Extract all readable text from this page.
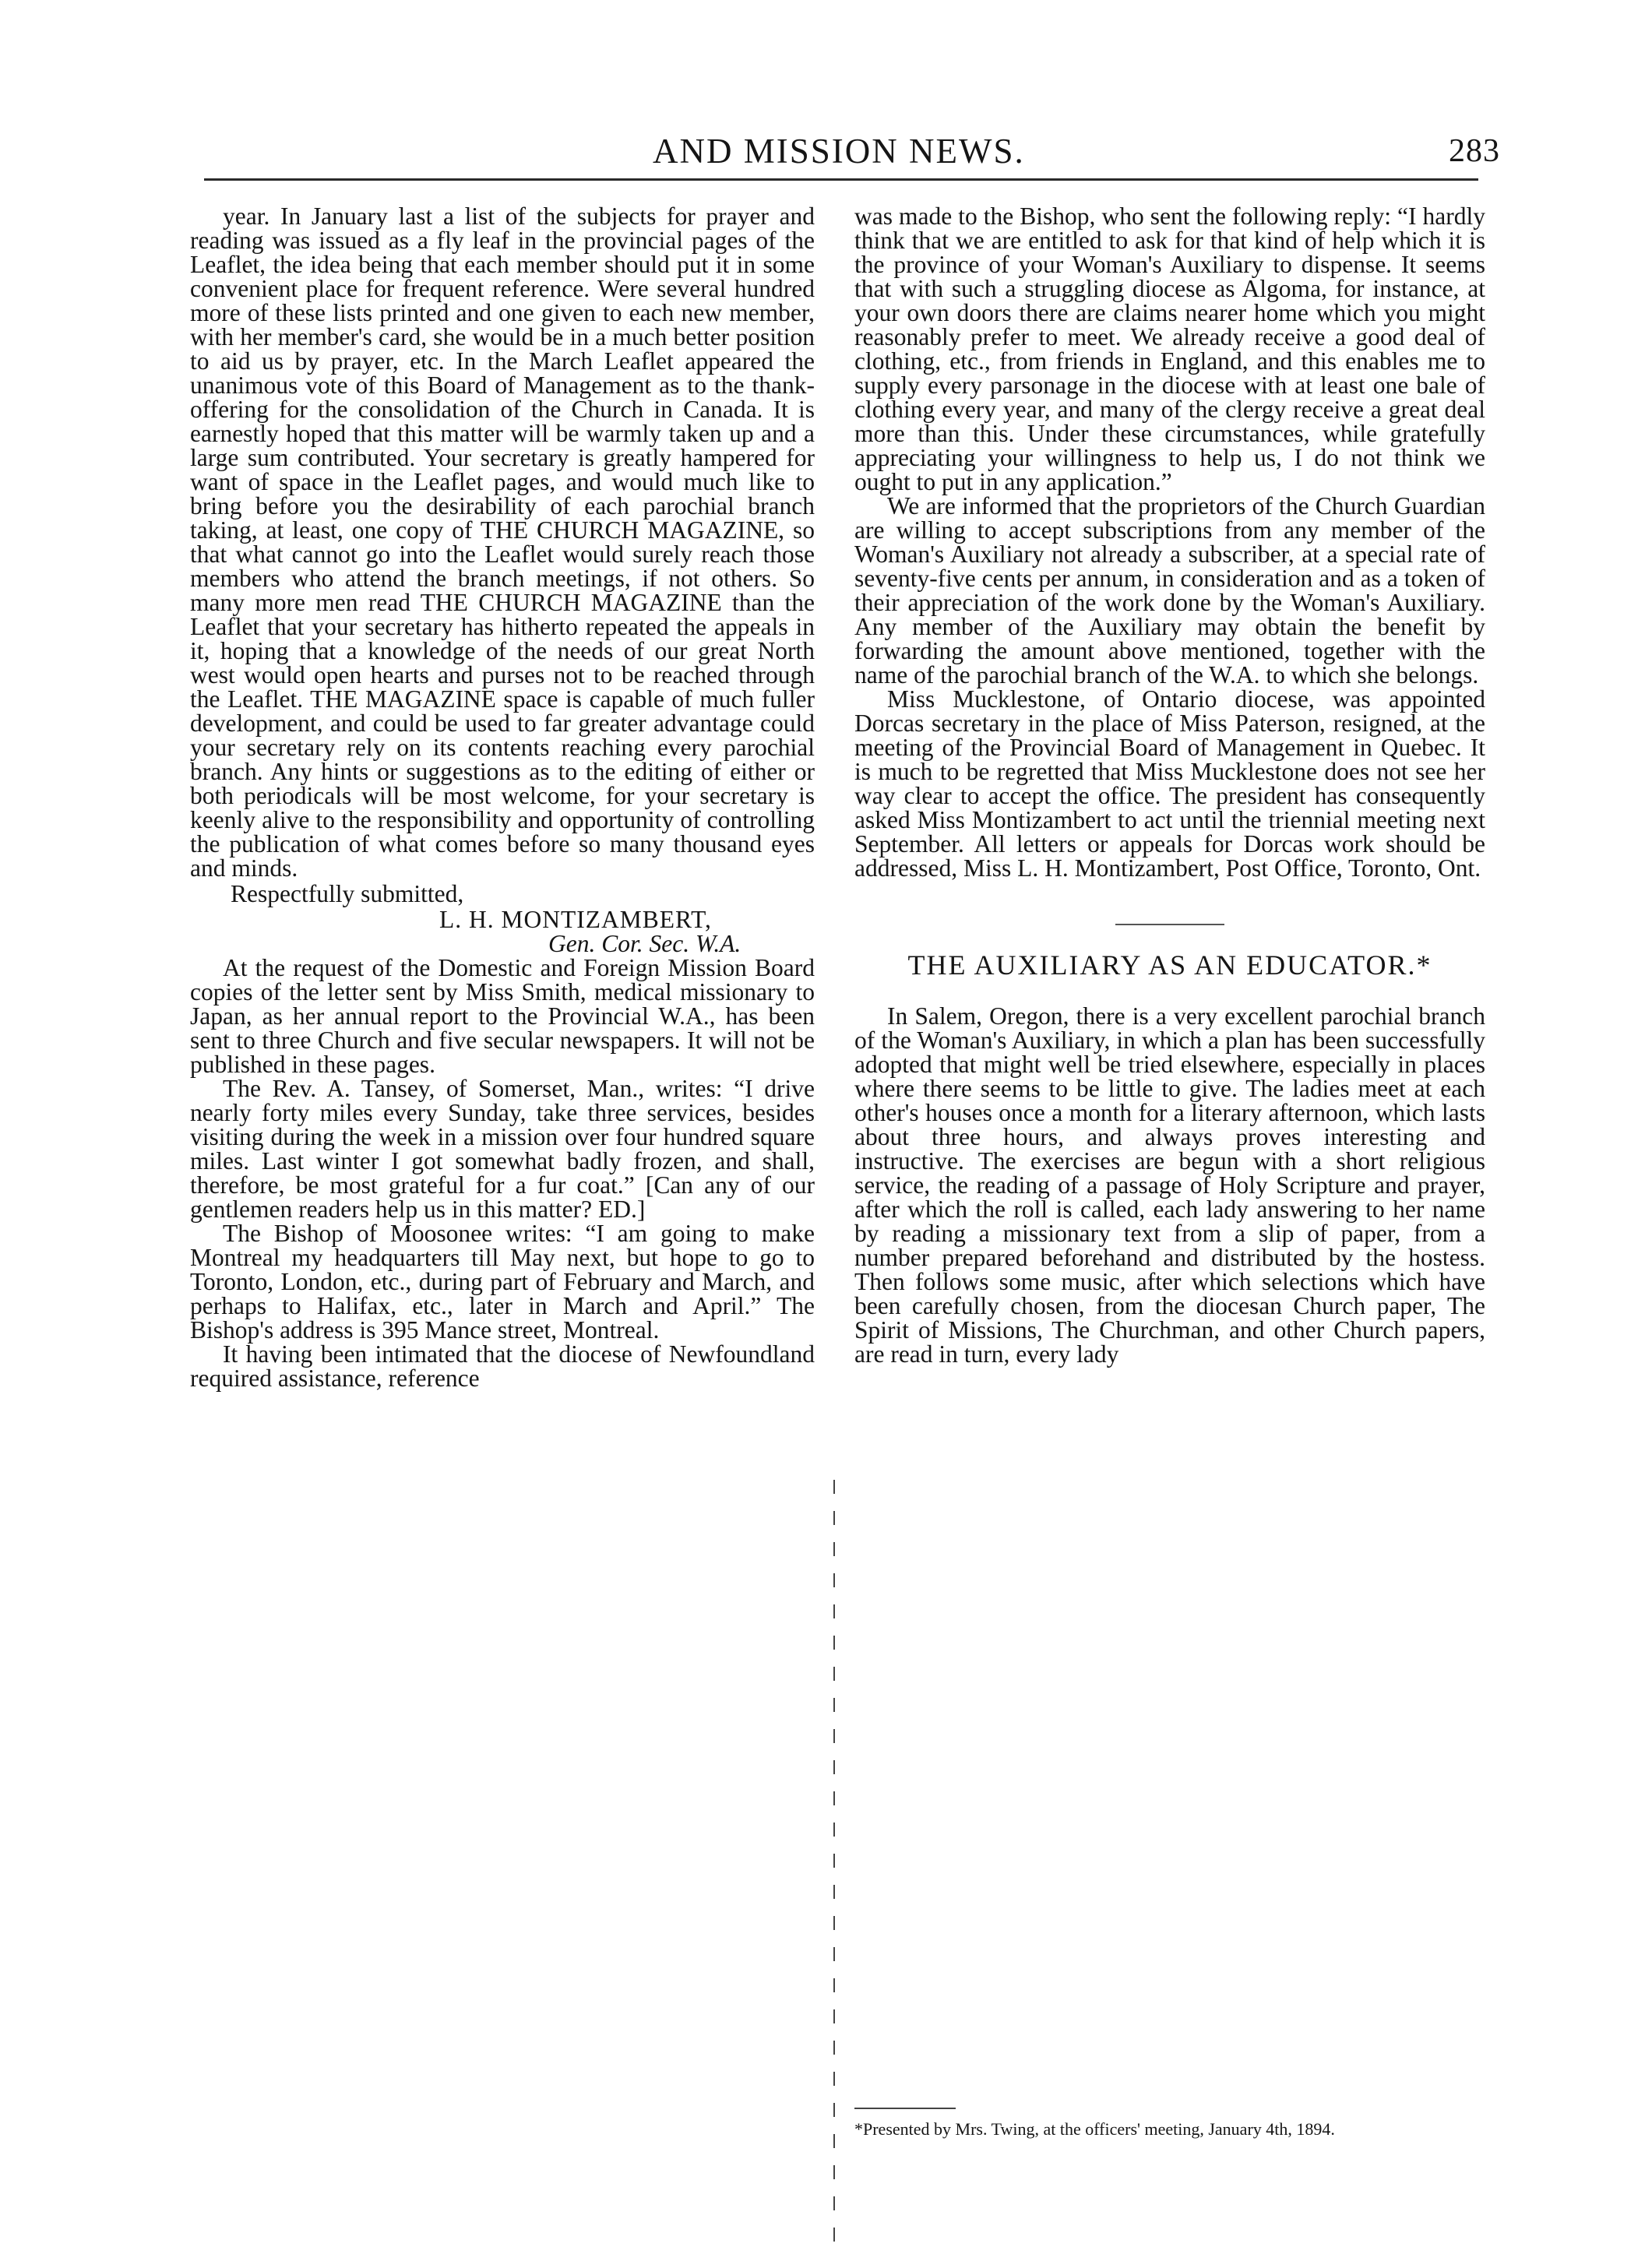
AND MISSION NEWS.	283

year. In January last a list of the subjects for prayer and reading was issued as a fly leaf in the provincial pages of the Leaflet, the idea being that each member should put it in some convenient place for frequent reference. Were several hundred more of these lists printed and one given to each new member, with her member's card, she would be in a much better position to aid us by prayer, etc. In the March Leaflet appeared the unanimous vote of this Board of Management as to the thank-offering for the consolidation of the Church in Canada. It is earnestly hoped that this matter will be warmly taken up and a large sum contributed. Your secretary is greatly hampered for want of space in the Leaflet pages, and would much like to bring before you the desirability of each parochial branch taking, at least, one copy of THE CHURCH MAGAZINE, so that what cannot go into the Leaflet would surely reach those members who attend the branch meetings, if not others. So many more men read THE CHURCH MAGAZINE than the Leaflet that your secretary has hitherto repeated the appeals in it, hoping that a knowledge of the needs of our great North west would open hearts and purses not to be reached through the Leaflet. THE MAGAZINE space is capable of much fuller development, and could be used to far greater advantage could your secretary rely on its contents reaching every parochial branch. Any hints or suggestions as to the editing of either or both periodicals will be most welcome, for your secretary is keenly alive to the responsibility and opportunity of controlling the publication of what comes before so many thousand eyes and minds.

Respectfully submitted,

L. H. MONTIZAMBERT,
Gen. Cor. Sec. W.A.

At the request of the Domestic and Foreign Mission Board copies of the letter sent by Miss Smith, medical missionary to Japan, as her annual report to the Provincial W.A., has been sent to three Church and five secular newspapers. It will not be published in these pages.

The Rev. A. Tansey, of Somerset, Man., writes: “I drive nearly forty miles every Sunday, take three services, besides visiting during the week in a mission over four hundred square miles. Last winter I got somewhat badly frozen, and shall, therefore, be most grateful for a fur coat.” [Can any of our gentlemen readers help us in this matter? ED.]

The Bishop of Moosonee writes: “I am going to make Montreal my headquarters till May next, but hope to go to Toronto, London, etc., during part of February and March, and perhaps to Halifax, etc., later in March and April.” The Bishop's address is 395 Mance street, Montreal.

It having been intimated that the diocese of Newfoundland required assistance, reference

was made to the Bishop, who sent the following reply: “I hardly think that we are entitled to ask for that kind of help which it is the province of your Woman's Auxiliary to dispense. It seems that with such a struggling diocese as Algoma, for instance, at your own doors there are claims nearer home which you might reasonably prefer to meet. We already receive a good deal of clothing, etc., from friends in England, and this enables me to supply every parsonage in the diocese with at least one bale of clothing every year, and many of the clergy receive a great deal more than this. Under these circumstances, while gratefully appreciating your willingness to help us, I do not think we ought to put in any application.”

We are informed that the proprietors of the Church Guardian are willing to accept subscriptions from any member of the Woman's Auxiliary not already a subscriber, at a special rate of seventy-five cents per annum, in consideration and as a token of their appreciation of the work done by the Woman's Auxiliary. Any member of the Auxiliary may obtain the benefit by forwarding the amount above mentioned, together with the name of the parochial branch of the W.A. to which she belongs.

Miss Mucklestone, of Ontario diocese, was appointed Dorcas secretary in the place of Miss Paterson, resigned, at the meeting of the Provincial Board of Management in Quebec. It is much to be regretted that Miss Mucklestone does not see her way clear to accept the office. The president has consequently asked Miss Montizambert to act until the triennial meeting next September. All letters or appeals for Dorcas work should be addressed, Miss L. H. Montizambert, Post Office, Toronto, Ont.

THE AUXILIARY AS AN EDUCATOR.*

In Salem, Oregon, there is a very excellent parochial branch of the Woman's Auxiliary, in which a plan has been successfully adopted that might well be tried elsewhere, especially in places where there seems to be little to give. The ladies meet at each other's houses once a month for a literary afternoon, which lasts about three hours, and always proves interesting and instructive. The exercises are begun with a short religious service, the reading of a passage of Holy Scripture and prayer, after which the roll is called, each lady answering to her name by reading a missionary text from a slip of paper, from a number prepared beforehand and distributed by the hostess. Then follows some music, after which selections which have been carefully chosen, from the diocesan Church paper, The Spirit of Missions, The Churchman, and other Church papers, are read in turn, every lady

*Presented by Mrs. Twing, at the officers' meeting, January 4th, 1894.
